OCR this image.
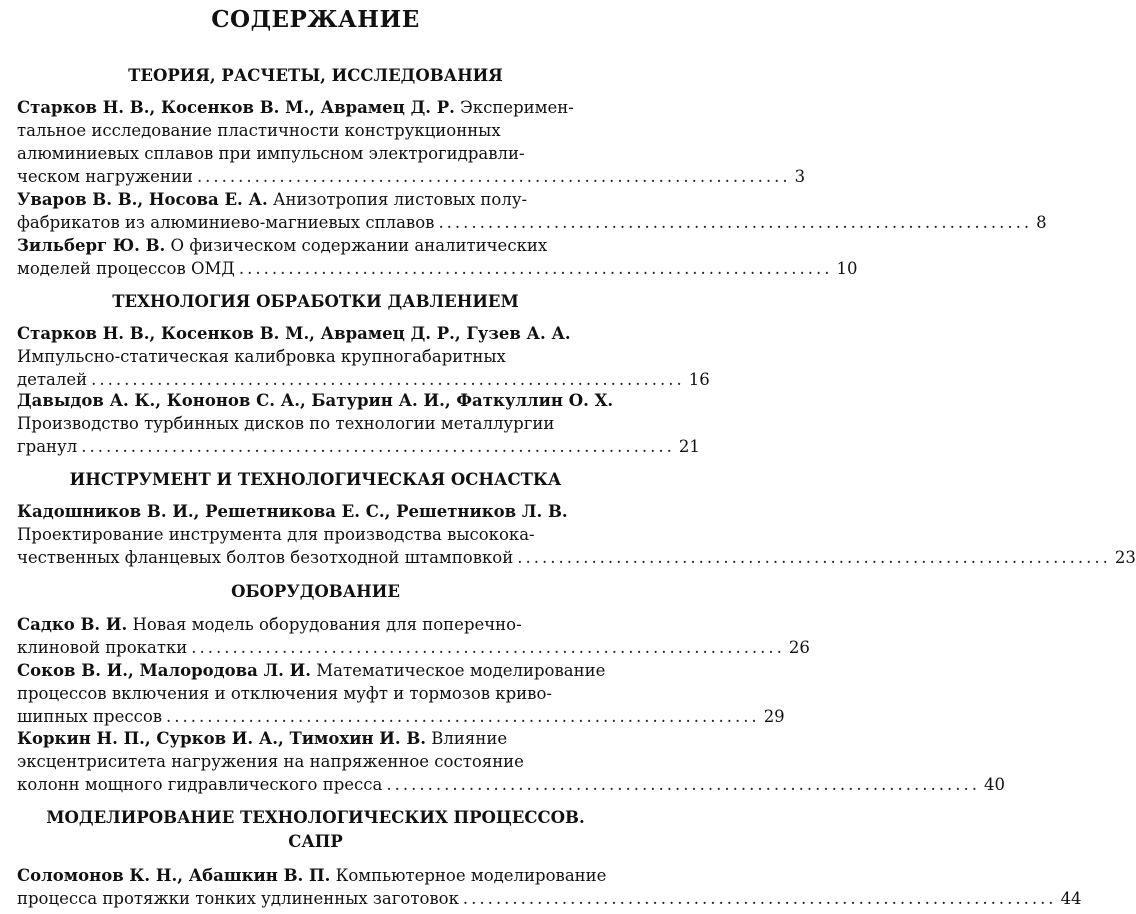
СОДЕРЖАНИЕ
ТЕОРИЯ, РАСЧЕТЫ, ИССЛЕДОВАНИЯ
Старков Н. В., Косенков В. М., Аврамец Д. Р. Эксперимен-
тальное исследование пластичности конструкционных
алюминиевых сплавов при импульсном электрогидравли-
ческом нагружении ........................................................................ 3
Уваров В. В., Носова Е. А. Анизотропия листовых полу-
фабрикатов из алюминиево-магниевых сплавов ........................................................................ 8
Зильберг Ю. В. О физическом содержании аналитических
моделей процессов ОМД ........................................................................ 10
ТЕХНОЛОГИЯ ОБРАБОТКИ ДАВЛЕНИЕМ
Старков Н. В., Косенков В. М., Аврамец Д. Р., Гузев А. А.
Импульсно-статическая калибровка крупногабаритных
деталей ........................................................................ 16
Давыдов А. К., Кононов С. А., Батурин А. И., Фаткуллин О. Х.
Производство турбинных дисков по технологии металлургии
гранул ........................................................................ 21
ИНСТРУМЕНТ И ТЕХНОЛОГИЧЕСКАЯ ОСНАСТКА
Кадошников В. И., Решетникова Е. С., Решетников Л. В.
Проектирование инструмента для производства высокока-
чественных фланцевых болтов безотходной штамповкой ........................................................................ 23
ОБОРУДОВАНИЕ
Садко В. И. Новая модель оборудования для поперечно-
клиновой прокатки ........................................................................ 26
Соков В. И., Малородова Л. И. Математическое моделирование
процессов включения и отключения муфт и тормозов криво-
шипных прессов ........................................................................ 29
Коркин Н. П., Сурков И. А., Тимохин И. В. Влияние
эксцентриситета нагружения на напряженное состояние
колонн мощного гидравлического пресса ........................................................................ 40
МОДЕЛИРОВАНИЕ ТЕХНОЛОГИЧЕСКИХ ПРОЦЕССОВ.
САПР
Соломонов К. Н., Абашкин В. П. Компьютерное моделирование
процесса протяжки тонких удлиненных заготовок ........................................................................ 44
